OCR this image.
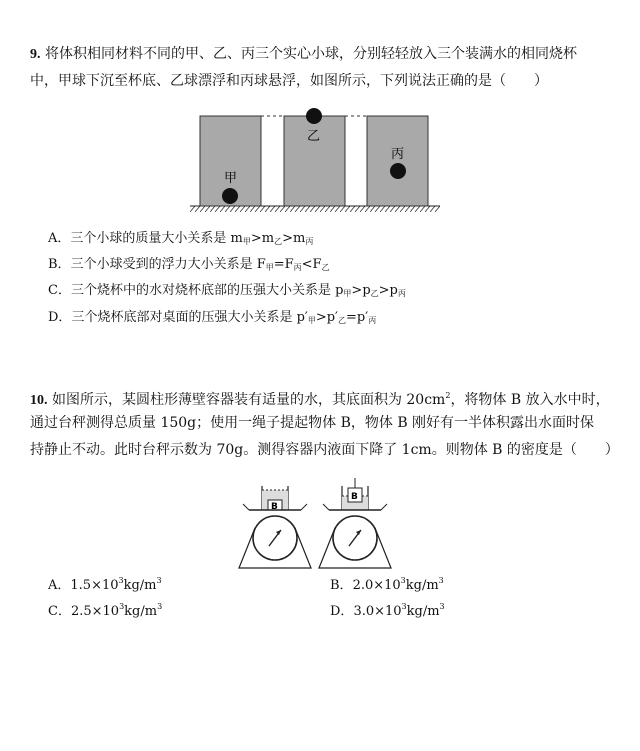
9. 将体积相同材料不同的甲、乙、丙三个实心小球，分别轻轻放入三个装满水的相同烧杯
中，甲球下沉至杯底、乙球漂浮和丙球悬浮，如图所示，下列说法正确的是（　　）
甲
乙
丙
A．三个小球的质量大小关系是 $m_甲>m_乙>m_丙$
B．三个小球受到的浮力大小关系是 $F_甲=F_丙<F_乙$
C．三个烧杯中的水对烧杯底部的压强大小关系是 $p_甲>p_乙>p_丙$
D．三个烧杯底部对桌面的压强大小关系是 $p'_甲>p'_乙=p'_丙$
10. 如图所示，某圆柱形薄壁容器装有适量的水，其底面积为 $20cm^2$，将物体 B 放入水中时，
通过台秤测得总质量 150g；使用一绳子提起物体 B，物体 B 刚好有一半体积露出水面时保
持静止不动。此时台秤示数为 70g。测得容器内液面下降了 1cm。则物体 B 的密度是（　　）
B
B
A．$1.5\times 10^3kg/m^3$	B．$2.0\times 10^3kg/m^3$
C．$2.5\times 10^3kg/m^3$	D．$3.0\times 10^3kg/m^3$
